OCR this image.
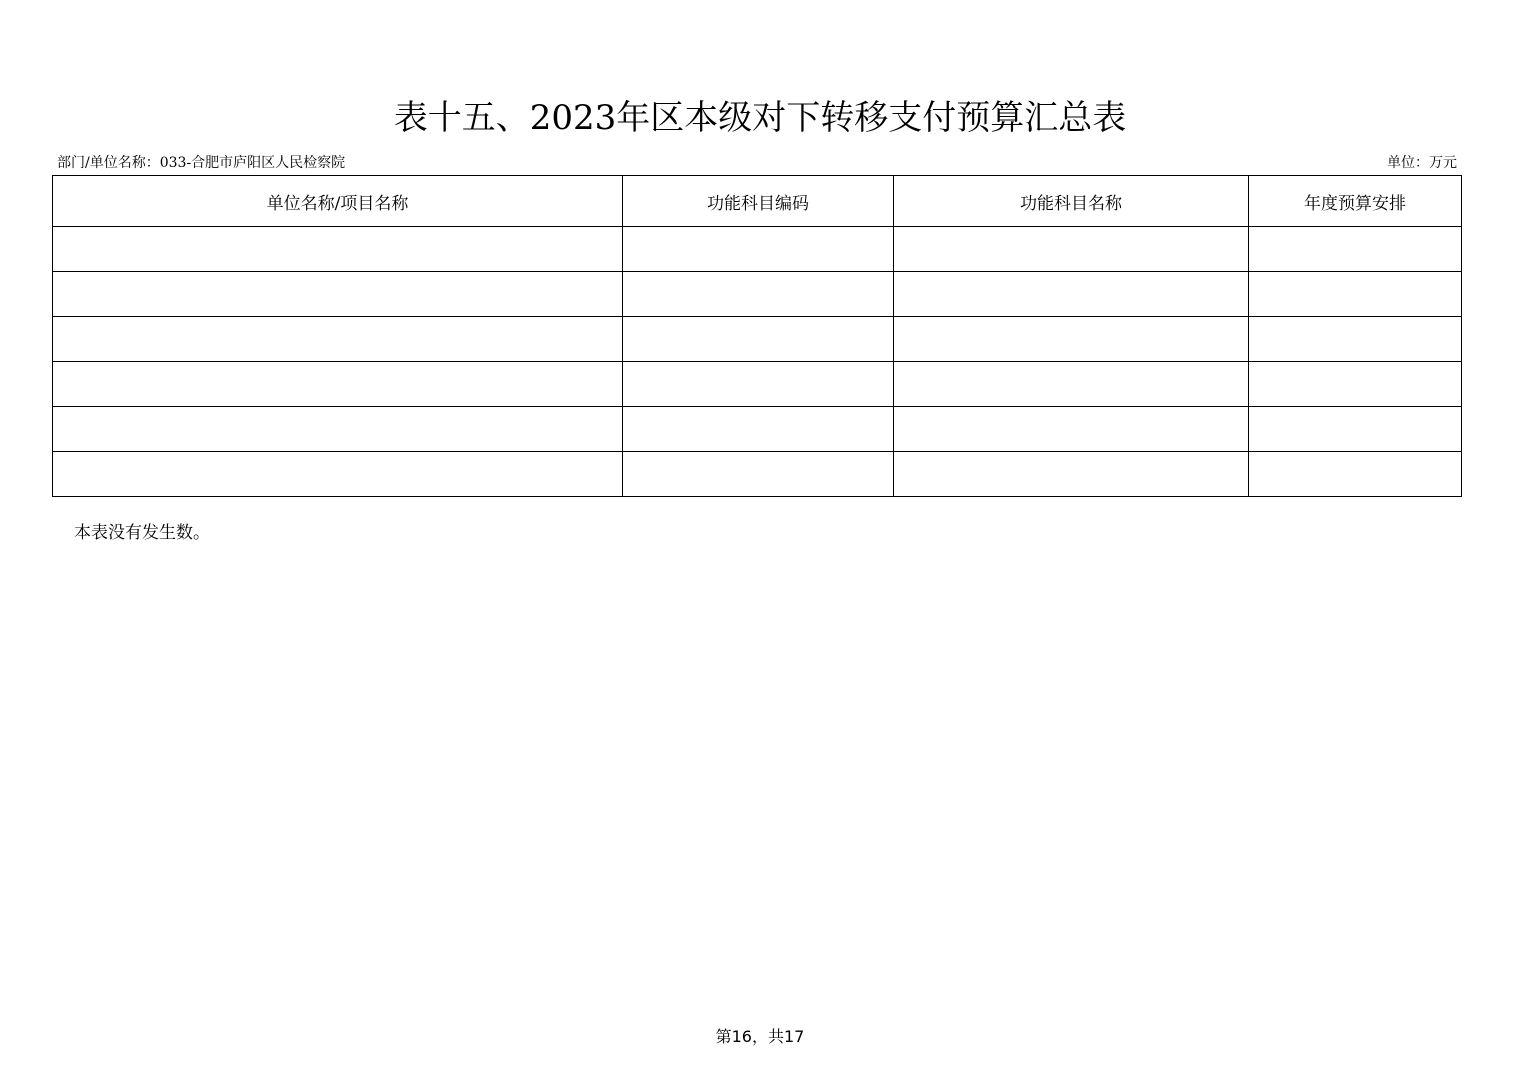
表十五、2023年区本级对下转移支付预算汇总表
部门/单位名称：033-合肥市庐阳区人民检察院	单位：万元
单位名称/项目名称	功能科目编码	功能科目名称	年度预算安排

本表没有发生数。
第16，共17
